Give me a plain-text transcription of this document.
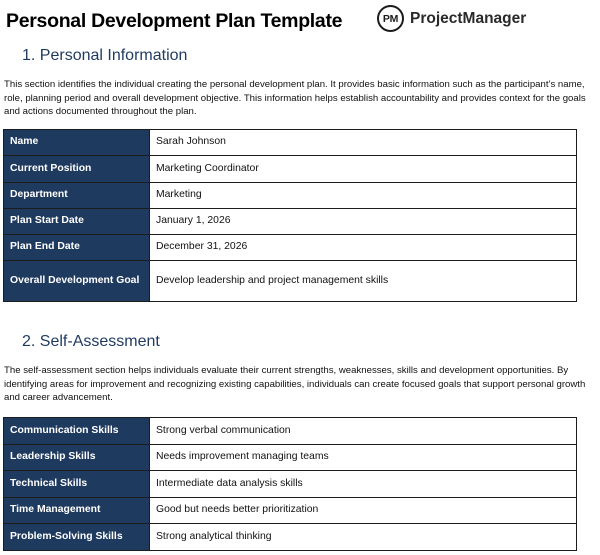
Personal Development Plan Template	PM ProjectManager
1. Personal Information
This section identifies the individual creating the personal development plan. It provides basic information such as the participant’s name, role, planning period and overall development objective. This information helps establish accountability and provides context for the goals and actions documented throughout the plan.
Name	Sarah Johnson
Current Position	Marketing Coordinator
Department	Marketing
Plan Start Date	January 1, 2026
Plan End Date	December 31, 2026
Overall Development Goal	Develop leadership and project management skills
2. Self-Assessment
The self-assessment section helps individuals evaluate their current strengths, weaknesses, skills and development opportunities. By identifying areas for improvement and recognizing existing capabilities, individuals can create focused goals that support personal growth and career advancement.
Communication Skills	Strong verbal communication
Leadership Skills	Needs improvement managing teams
Technical Skills	Intermediate data analysis skills
Time Management	Good but needs better prioritization
Problem-Solving Skills	Strong analytical thinking
